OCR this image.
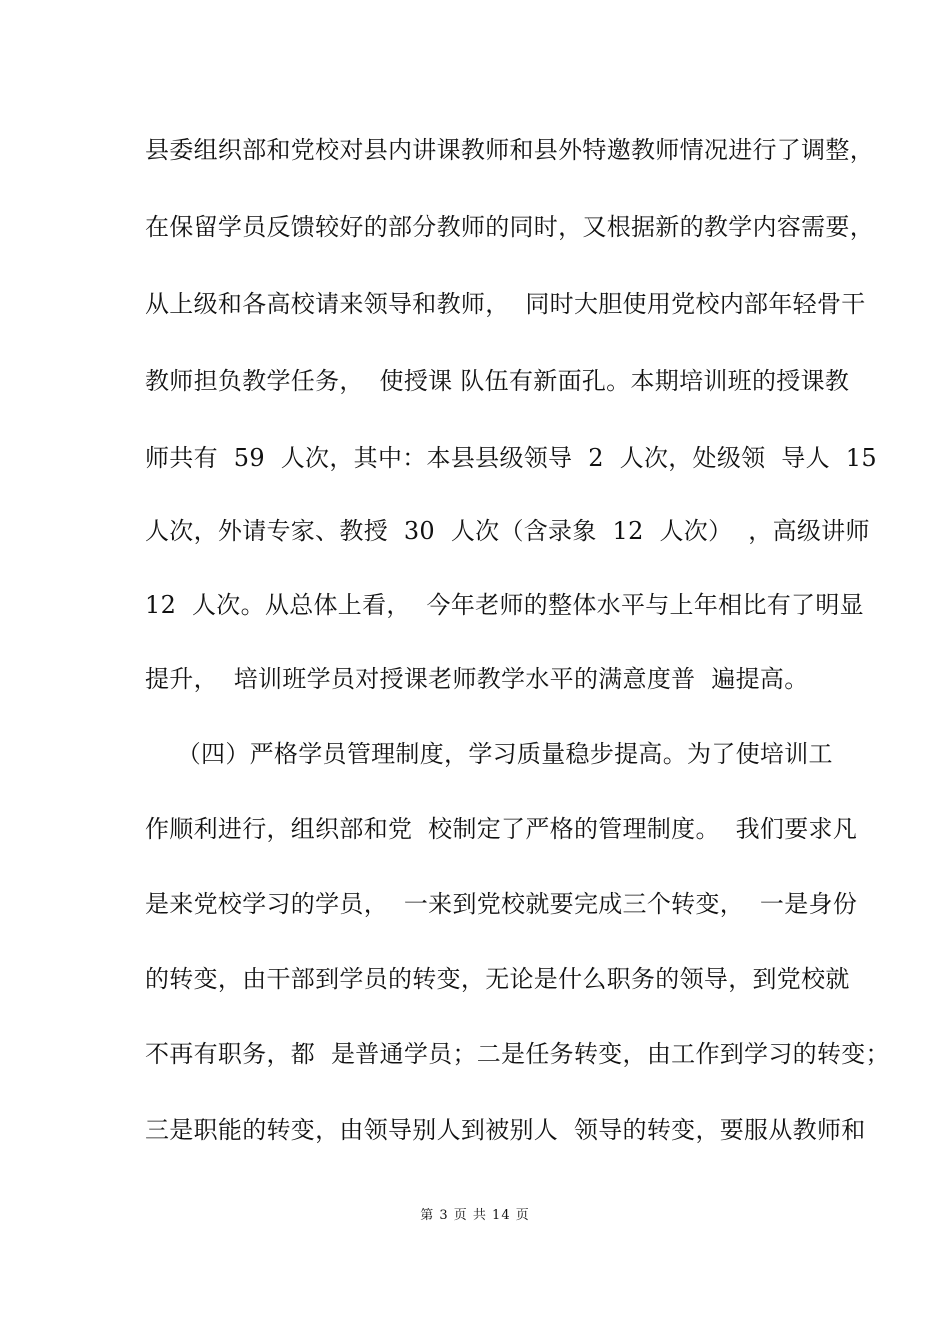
县委组织部和党校对县内讲课教师和县外特邀教师情况进行了调整，
在保留学员反馈较好的部分教师的同时，又根据新的教学内容需要，
从上级和各高校请来领导和教师，  同时大胆使用党校内部年轻骨干
教师担负教学任务，  使授课 队伍有新面孔。本期培训班的授课教
师共有  59  人次，其中：本县县级领导  2  人次，处级领  导人  15
人次，外请专家、教授  30  人次（含录象  12  人次）  ，高级讲师
12  人次。从总体上看，  今年老师的整体水平与上年相比有了明显
提升，  培训班学员对授课老师教学水平的满意度普  遍提高。
（四）严格学员管理制度，学习质量稳步提高。为了使培训工
作顺利进行，组织部和党  校制定了严格的管理制度。  我们要求凡
是来党校学习的学员，  一来到党校就要完成三个转变，  一是身份
的转变，由干部到学员的转变，无论是什么职务的领导，到党校就
不再有职务，都  是普通学员；二是任务转变，由工作到学习的转变；
三是职能的转变，由领导别人到被别人  领导的转变，要服从教师和
第 3 页 共 14 页
